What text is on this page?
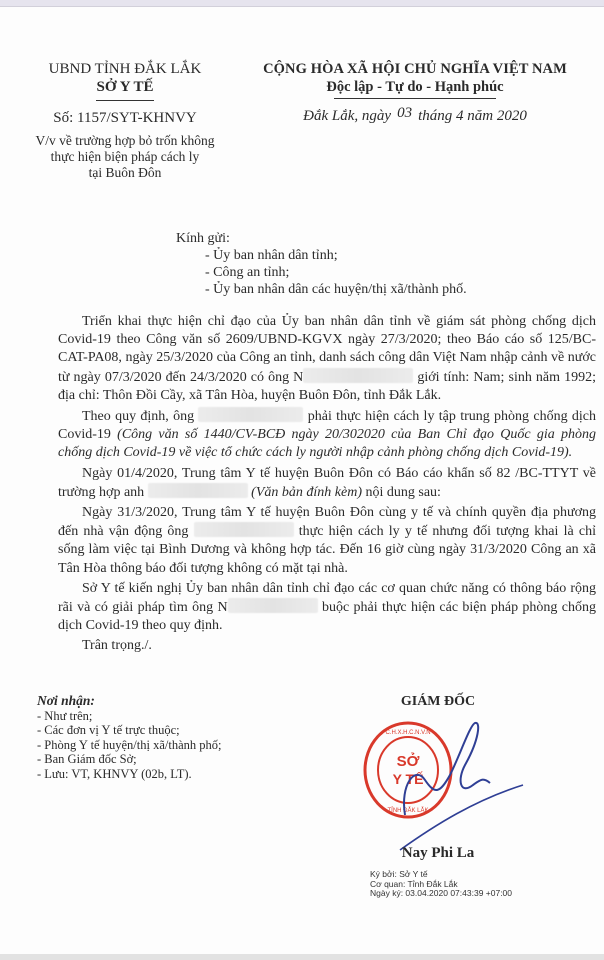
UBND TỈNH ĐẮK LẮK
SỞ Y TẾ
Số: 1157/SYT-KHNVY
V/v về trường hợp bỏ trốn không
thực hiện biện pháp cách ly
tại Buôn Đôn
CỘNG HÒA XÃ HỘI CHỦ NGHĨA VIỆT NAM
Độc lập - Tự do - Hạnh phúc
Đắk Lắk, ngày 03 tháng 4 năm 2020
Kính gửi:
- Ủy ban nhân dân tỉnh;
- Công an tỉnh;
- Ủy ban nhân dân các huyện/thị xã/thành phố.

Triển khai thực hiện chỉ đạo của Ủy ban nhân dân tỉnh về giám sát phòng chống dịch Covid-19 theo Công văn số 2609/UBND-KGVX ngày 27/3/2020; theo Báo cáo số 125/BC-CAT-PA08, ngày 25/3/2020 của Công an tỉnh, danh sách công dân Việt Nam nhập cảnh về nước từ ngày 07/3/2020 đến 24/3/2020 có ông N	giới tính: Nam; sinh năm 1992; địa chỉ: Thôn Đồi Cầy, xã Tân Hòa, huyện Buôn Đôn, tỉnh Đắk Lắk.

Theo quy định, ông	phải thực hiện cách ly tập trung phòng chống dịch Covid-19 (Công văn số 1440/CV-BCĐ ngày 20/302020 của Ban Chỉ đạo Quốc gia phòng chống dịch Covid-19 về việc tổ chức cách ly người nhập cảnh phòng chống dịch Covid-19).

Ngày 01/4/2020, Trung tâm Y tế huyện Buôn Đôn có Báo cáo khẩn số 82 /BC-TTYT về trường hợp anh	(Văn bản đính kèm) nội dung sau:

Ngày 31/3/2020, Trung tâm Y tế huyện Buôn Đôn cùng y tế và chính quyền địa phương đến nhà vận động ông	thực hiện cách ly y tế nhưng đối tượng khai là chỉ sống làm việc tại Bình Dương và không hợp tác. Đến 16 giờ cùng ngày 31/3/2020 Công an xã Tân Hòa thông báo đối tượng không có mặt tại nhà.

Sở Y tế kiến nghị Ủy ban nhân dân tỉnh chỉ đạo các cơ quan chức năng có thông báo rộng rãi và có giải pháp tìm ông N	buộc phải thực hiện các biện pháp phòng chống dịch Covid-19 theo quy định.

Trân trọng./.

Nơi nhận:
- Như trên;
- Các đơn vị Y tế trực thuộc;
- Phòng Y tế huyện/thị xã/thành phố;
- Ban Giám đốc Sở;
- Lưu: VT, KHNVY (02b, LT).
GIÁM ĐỐC
SỞ
Y TẾ
C.H.X.H.C.N.V.N
TỈNH ĐẮK LẮK
Nay Phi La
Ký bởi: Sở Y tế
Cơ quan: Tỉnh Đắk Lắk
Ngày ký: 03.04.2020 07:43:39 +07:00
